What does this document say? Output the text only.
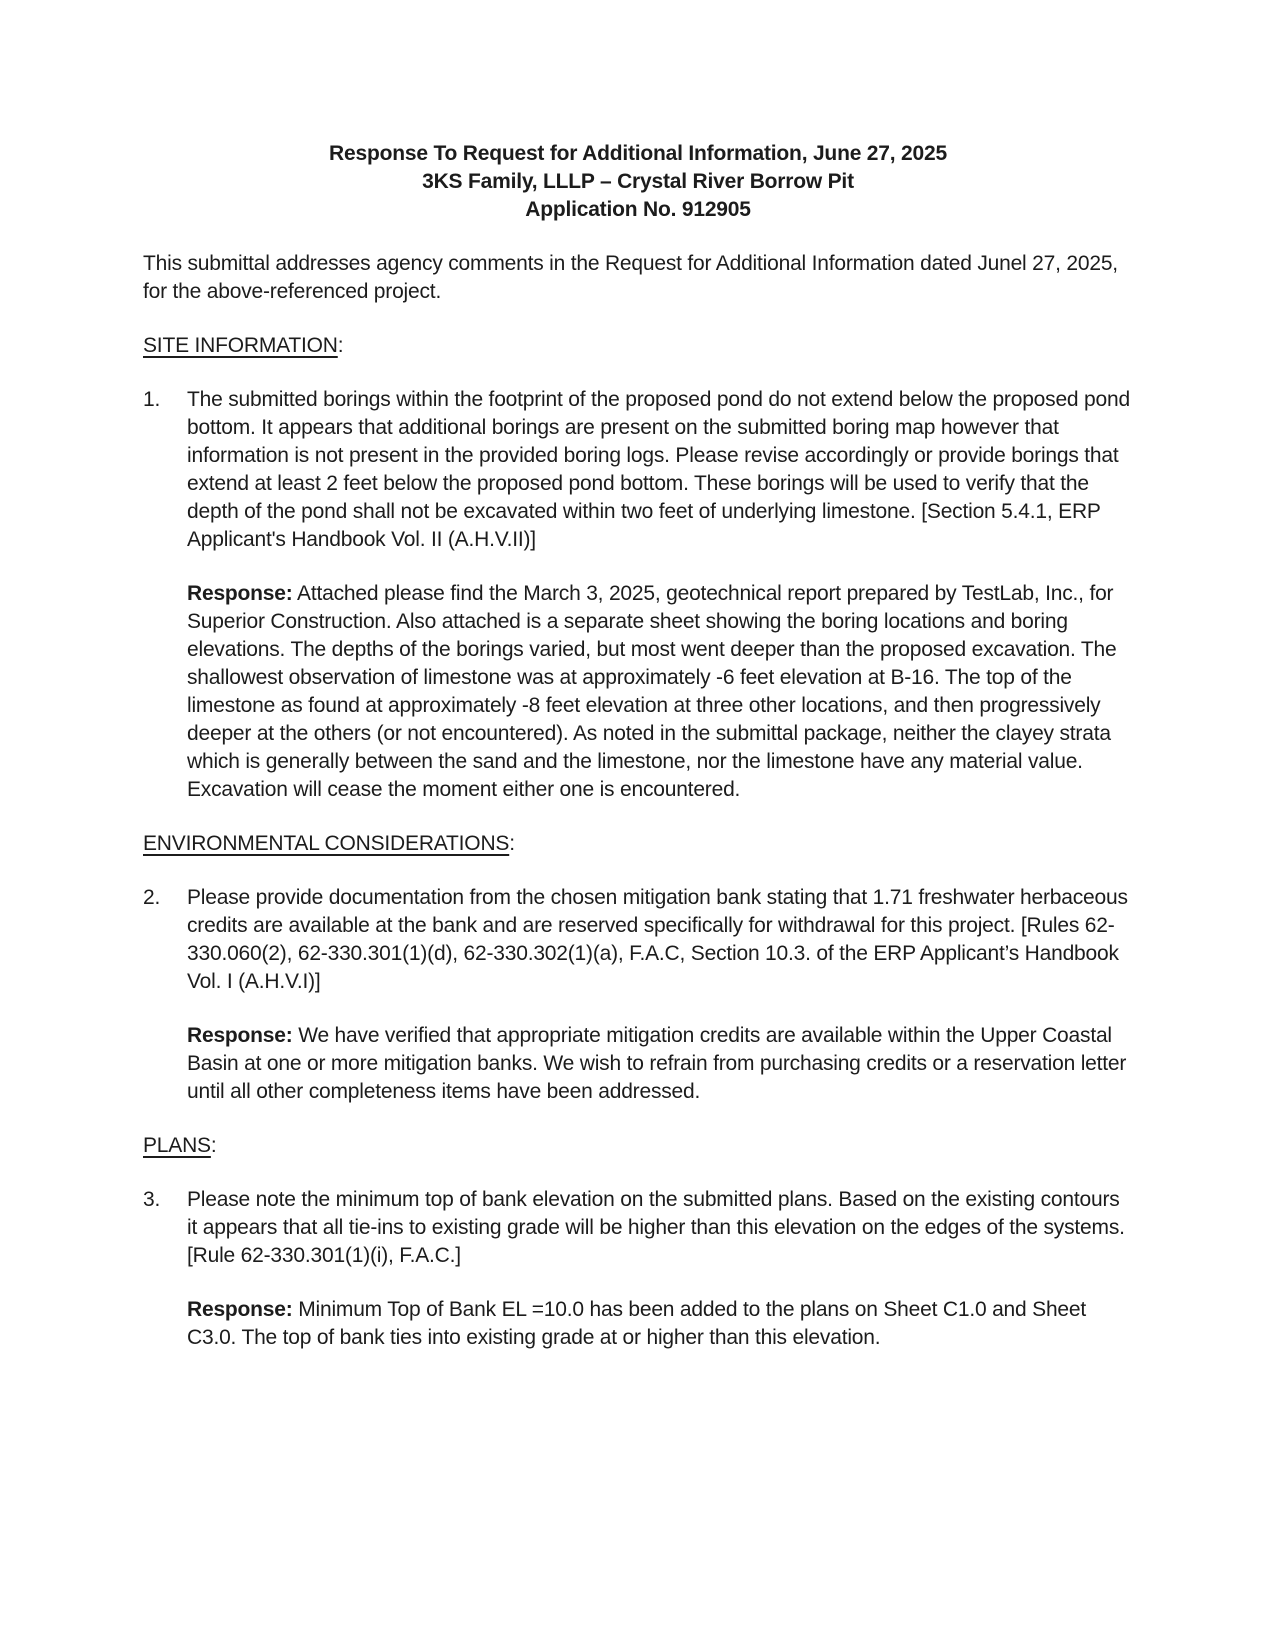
Response To Request for Additional Information, June 27, 2025
3KS Family, LLLP – Crystal River Borrow Pit
Application No. 912905

This submittal addresses agency comments in the Request for Additional Information dated Junel 27, 2025, for the above-referenced project.

SITE INFORMATION:
1.	The submitted borings within the footprint of the proposed pond do not extend below the proposed pond bottom. It appears that additional borings are present on the submitted boring map however that information is not present in the provided boring logs. Please revise accordingly or provide borings that extend at least 2 feet below the proposed pond bottom. These borings will be used to verify that the depth of the pond shall not be excavated within two feet of underlying limestone. [Section 5.4.1, ERP Applicant's Handbook Vol. II (A.H.V.II)]

Response: Attached please find the March 3, 2025, geotechnical report prepared by TestLab, Inc., for Superior Construction. Also attached is a separate sheet showing the boring locations and boring elevations. The depths of the borings varied, but most went deeper than the proposed excavation. The shallowest observation of limestone was at approximately -6 feet elevation at B-16. The top of the limestone as found at approximately -8 feet elevation at three other locations, and then progressively deeper at the others (or not encountered). As noted in the submittal package, neither the clayey strata which is generally between the sand and the limestone, nor the limestone have any material value. Excavation will cease the moment either one is encountered.

ENVIRONMENTAL CONSIDERATIONS:
2.	Please provide documentation from the chosen mitigation bank stating that 1.71 freshwater herbaceous credits are available at the bank and are reserved specifically for withdrawal for this project. [Rules 62-330.060(2), 62-330.301(1)(d), 62-330.302(1)(a), F.A.C, Section 10.3. of the ERP Applicant’s Handbook Vol. I (A.H.V.I)]

Response: We have verified that appropriate mitigation credits are available within the Upper Coastal Basin at one or more mitigation banks. We wish to refrain from purchasing credits or a reservation letter until all other completeness items have been addressed.

PLANS:
3.	Please note the minimum top of bank elevation on the submitted plans. Based on the existing contours it appears that all tie-ins to existing grade will be higher than this elevation on the edges of the systems. [Rule 62-330.301(1)(i), F.A.C.]

Response: Minimum Top of Bank EL =10.0 has been added to the plans on Sheet C1.0 and Sheet C3.0. The top of bank ties into existing grade at or higher than this elevation.
